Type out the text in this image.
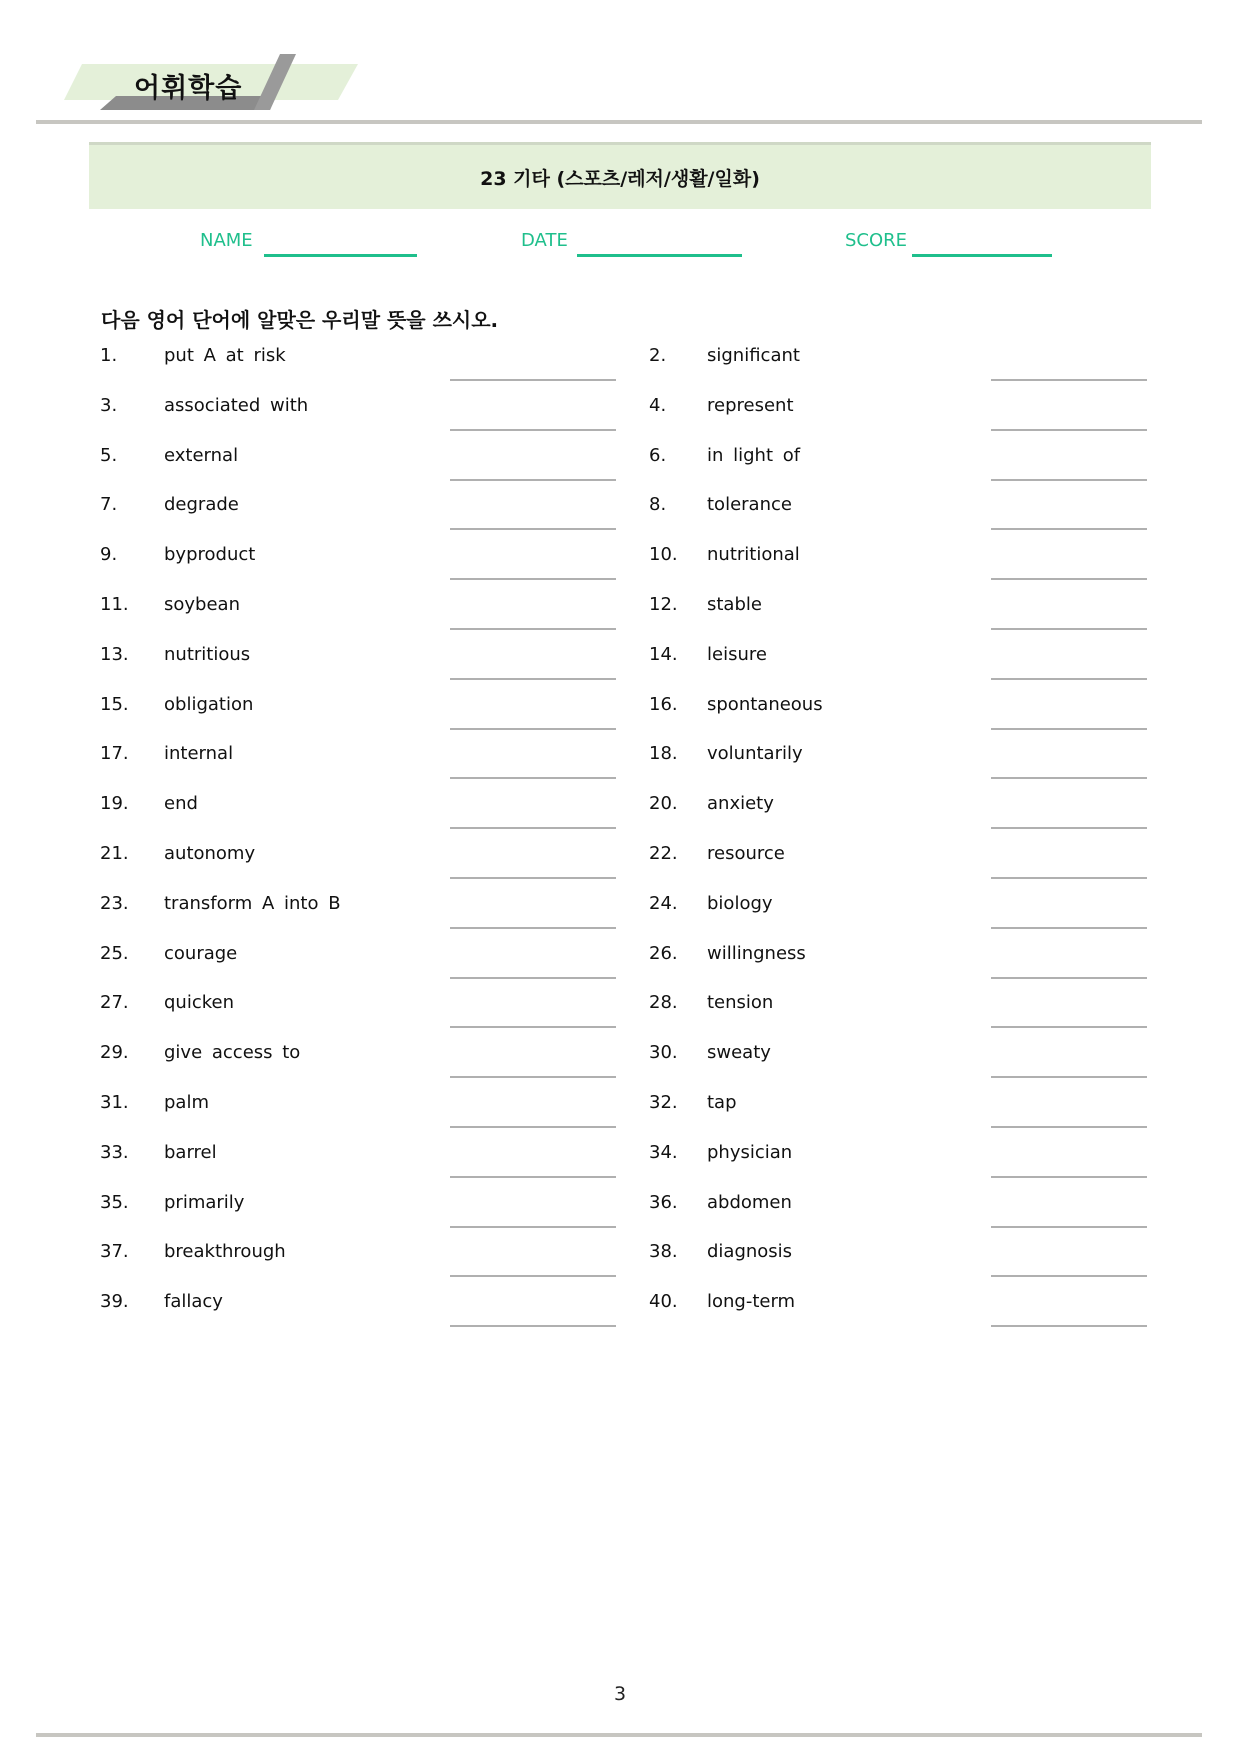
어휘학습
23 기타 (스포츠/레저/생활/일화)
NAME	DATE	SCORE
다음 영어 단어에 알맞은 우리말 뜻을 쓰시오.
1.	put A at risk	2. significant
3.	associated with	4. represent
5.	external	6. in light of
7.	degrade	8. tolerance
9.	byproduct	10. nutritional
11. soybean	12. stable
13. nutritious	14. leisure
15. obligation	16. spontaneous
17. internal	18. voluntarily
19. end	20. anxiety
21. autonomy	22. resource
23. transform A into B	24. biology
25. courage	26. willingness
27. quicken	28. tension
29. give access to	30. sweaty
31. palm	32. tap
33. barrel	34. physician
35. primarily	36. abdomen
37. breakthrough	38. diagnosis
39. fallacy	40. long-term
3
